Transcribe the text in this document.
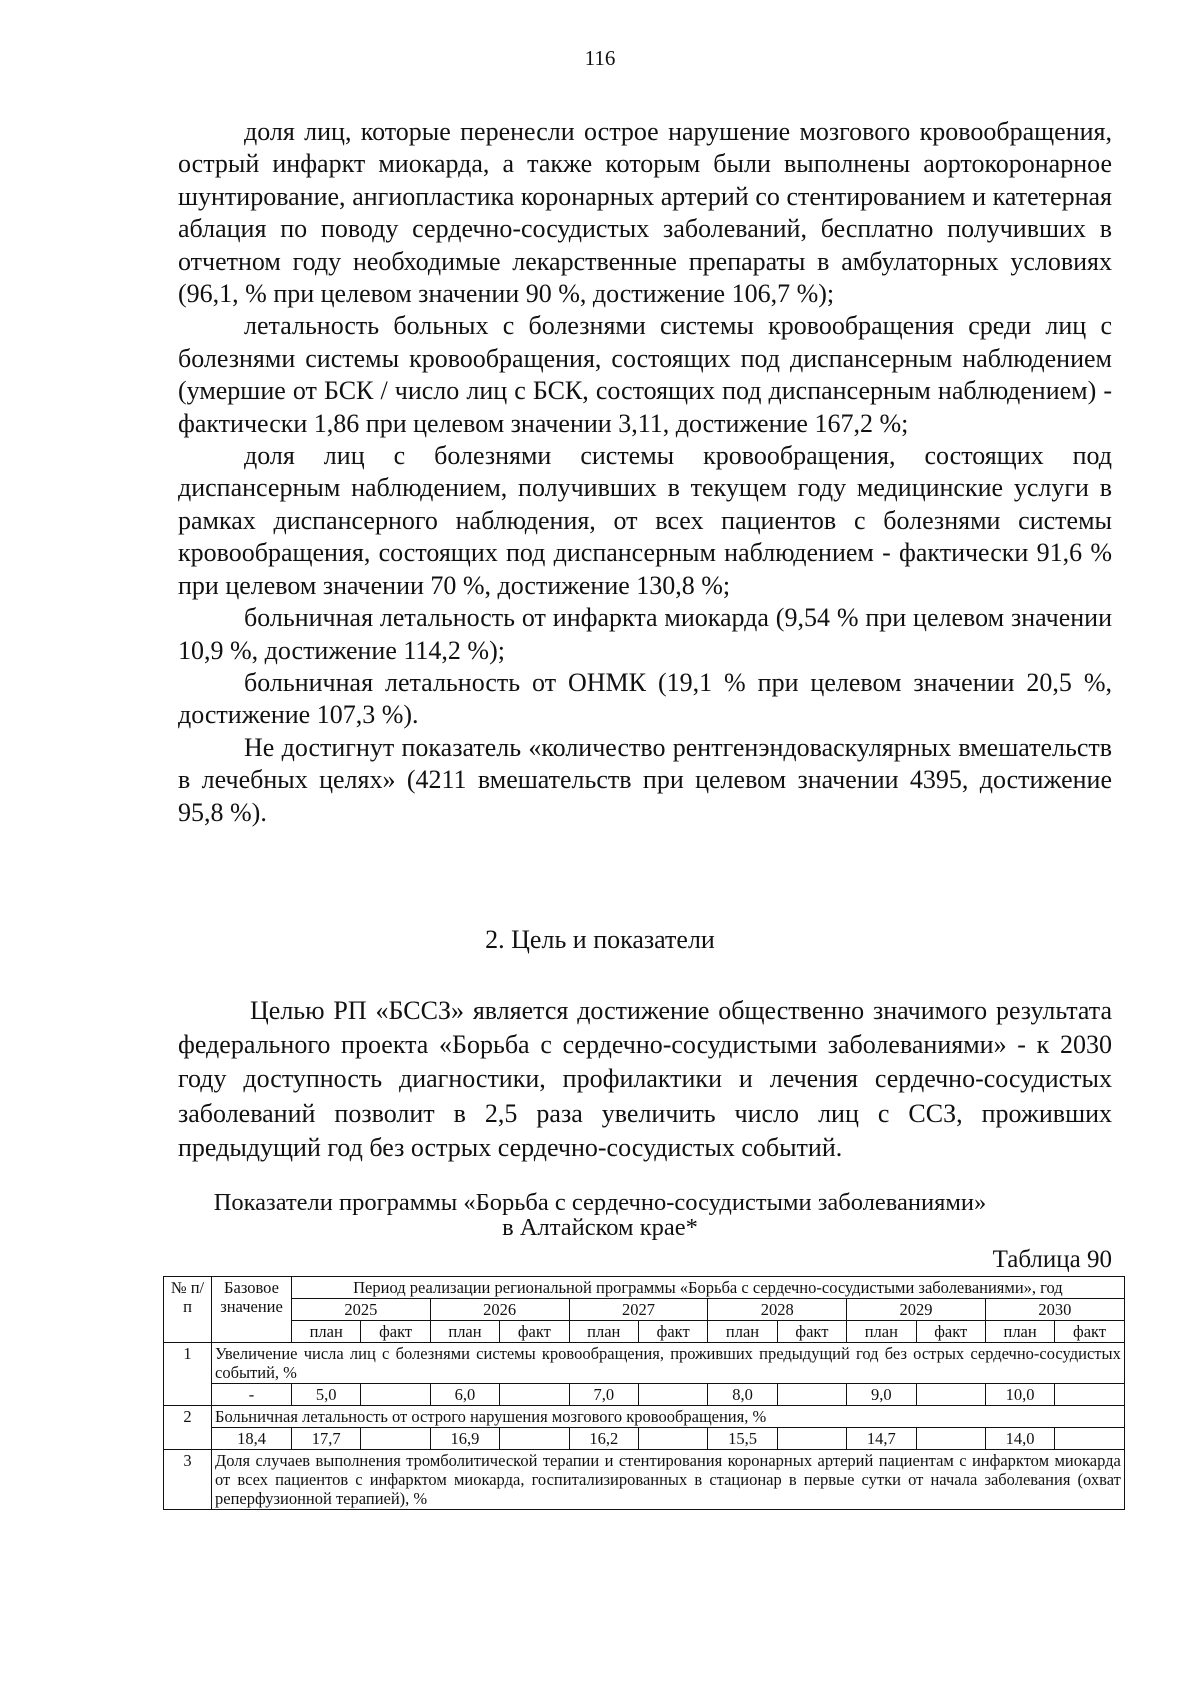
116

доля лиц, которые перенесли острое нарушение мозгового кровообращения, острый инфаркт миокарда, а также которым были выполнены аортокоронарное шунтирование, ангиопластика коронарных артерий со стентированием и катетерная аблация по поводу сердечно-сосудистых заболеваний, бесплатно получивших в отчетном году необходимые лекарственные препараты в амбулаторных условиях (96,1, % при целевом значении 90 %, достижение 106,7 %);

летальность больных с болезнями системы кровообращения среди лиц с болезнями системы кровообращения, состоящих под диспансерным наблюдением (умершие от БСК / число лиц с БСК, состоящих под диспансерным наблюдением) - фактически 1,86 при целевом значении 3,11, достижение 167,2 %;

доля лиц с болезнями системы кровообращения, состоящих под диспансерным наблюдением, получивших в текущем году медицинские услуги в рамках диспансерного наблюдения, от всех пациентов с болезнями системы кровообращения, состоящих под диспансерным наблюдением - фактически 91,6 % при целевом значении 70 %, достижение 130,8 %;

больничная летальность от инфаркта миокарда (9,54 % при целевом значении 10,9 %, достижение 114,2 %);

больничная летальность от ОНМК (19,1 % при целевом значении 20,5 %, достижение 107,3 %).

Не достигнут показатель «количество рентгенэндоваскулярных вмешательств в лечебных целях» (4211 вмешательств при целевом значении 4395, достижение 95,8 %).

2. Цель и показатели

Целью РП «БССЗ» является достижение общественно значимого результата федерального проекта «Борьба с сердечно-сосудистыми заболеваниями» - к 2030 году доступность диагностики, профилактики и лечения сердечно-сосудистых заболеваний позволит в 2,5 раза увеличить число лиц с ССЗ, проживших предыдущий год без острых сердечно-сосудистых событий.

Показатели программы «Борьба с сердечно-сосудистыми заболеваниями»
в Алтайском крае*
Таблица 90
№ п/п	Базовое значение	Период реализации региональной программы «Борьба с сердечно-сосудистыми заболеваниями», год											
		2025		2026		2027		2028		2029		2030	
		план	факт	план	факт	план	факт	план	факт	план	факт	план	факт
1	Увеличение числа лиц с болезнями системы кровообращения, проживших предыдущий год без острых сердечно-сосудистых событий, %												
	-	5,0		6,0		7,0		8,0		9,0		10,0	
2	Больничная летальность от острого нарушения мозгового кровообращения, %												
	18,4	17,7		16,9		16,2		15,5		14,7		14,0	
3	Доля случаев выполнения тромболитической терапии и стентирования коронарных артерий пациентам с инфарктом миокарда от всех пациентов с инфарктом миокарда, госпитализированных в стационар в первые сутки от начала заболевания (охват реперфузионной терапией), %												
